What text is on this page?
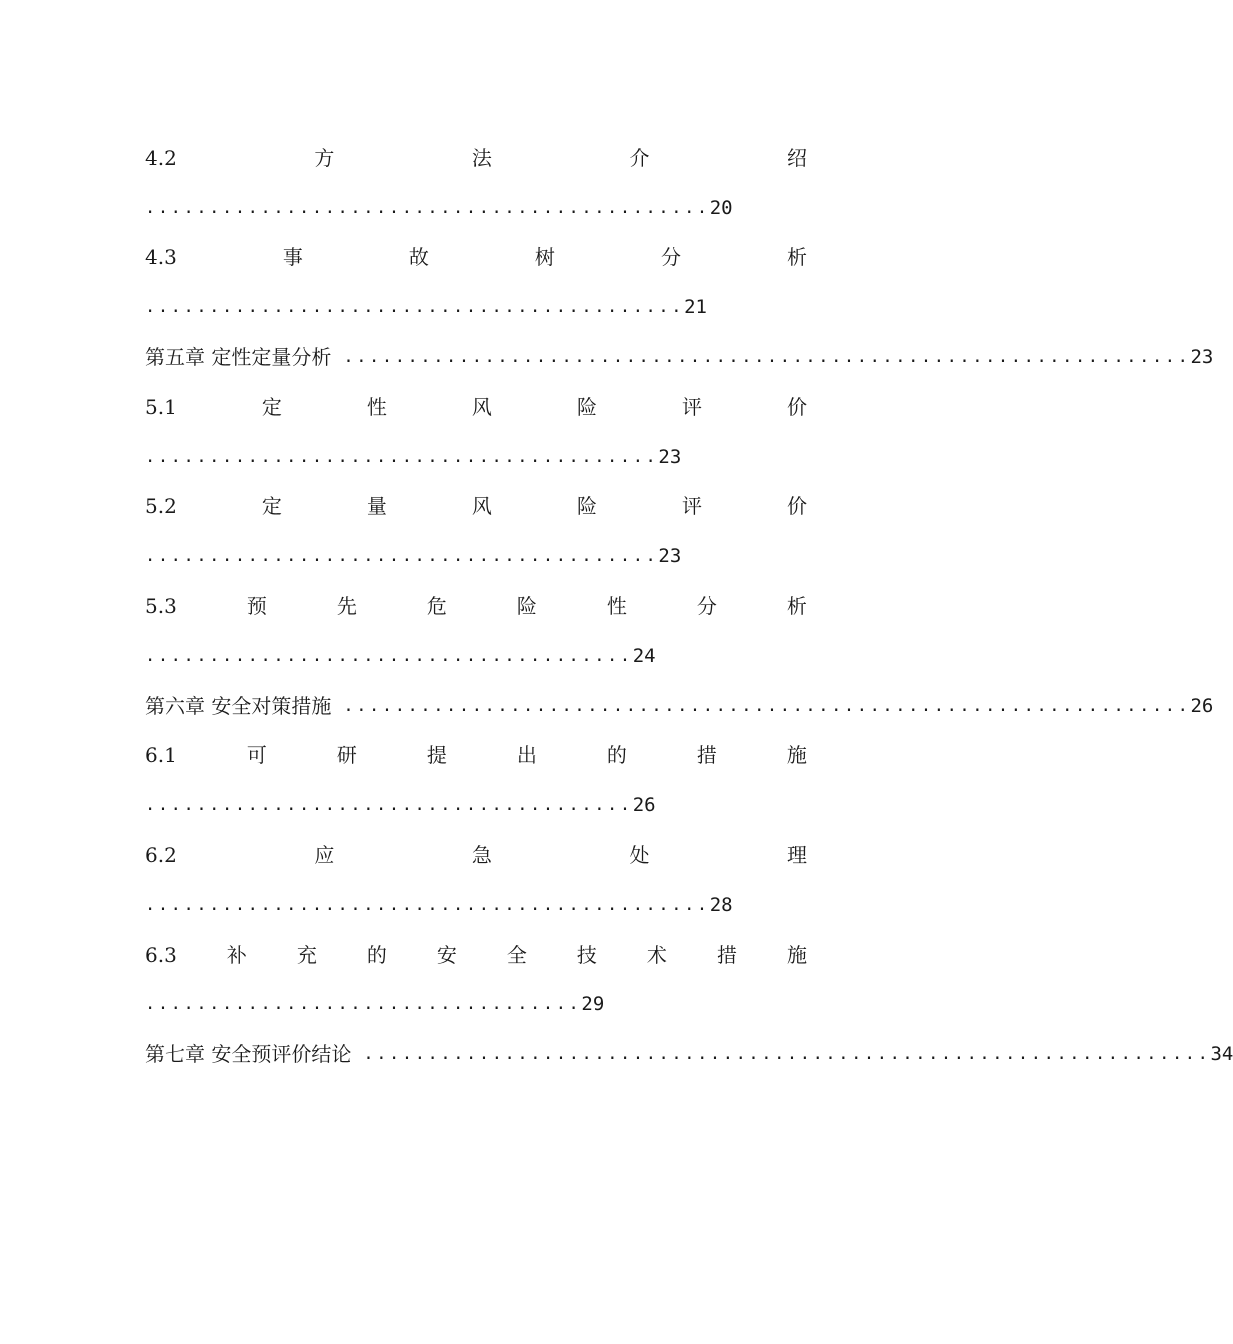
4.2	方	法	介	绍
............................................ 20
4.3	事	故	树	分	析
.......................................... 21
第五章 定性定量分析 .................................................................. 23
5.1	定	性	风	险	评	价
........................................ 23
5.2	定	量	风	险	评	价
........................................ 23
5.3	预	先	危	险	性	分	析
...................................... 24
第六章 安全对策措施 .................................................................. 26
6.1	可	研	提	出	的	措	施
...................................... 26
6.2	应	急	处	理
............................................ 28
6.3	补	充	的	安	全	技	术	措	施
.................................. 29
第七章 安全预评价结论 .................................................................. 34
